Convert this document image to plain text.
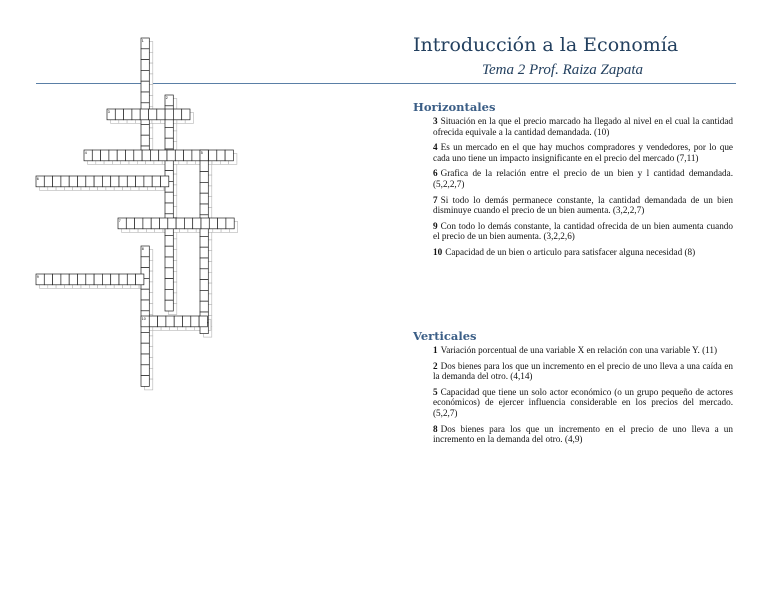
Introducción a la Economía
Tema 2 Prof. Raiza Zapata
1
2
3
4	5
6
7
8
9
10
Horizontales

3 Situación en la que el precio marcado ha llegado al nivel en el cual la cantidad ofrecida equivale a la cantidad demandada. (10)

4 Es un mercado en el que hay muchos compradores y vendedores, por lo que cada uno tiene un impacto insignificante en el precio del mercado (7,11)

6 Grafica de la relación entre el precio de un bien y l cantidad demandada. (5,2,2,7)

7 Si todo lo demás permanece constante, la cantidad demandada de un bien disminuye cuando el precio de un bien aumenta. (3,2,2,7)

9 Con todo lo demás constante, la cantidad ofrecida de un bien aumenta cuando el precio de un bien aumenta. (3,2,2,6)

10 Capacidad de un bien o articulo para satisfacer alguna necesidad (8)

Verticales

1 Variación porcentual de una variable X en relación con una variable Y. (11)

2 Dos bienes para los que un incremento en el precio de uno lleva a una caída en la demanda del otro. (4,14)

5 Capacidad que tiene un solo actor económico (o un grupo pequeño de actores económicos) de ejercer influencia considerable en los precios del mercado. (5,2,7)

8 Dos bienes para los que un incremento en el precio de uno lleva a un incremento en la demanda del otro. (4,9)
